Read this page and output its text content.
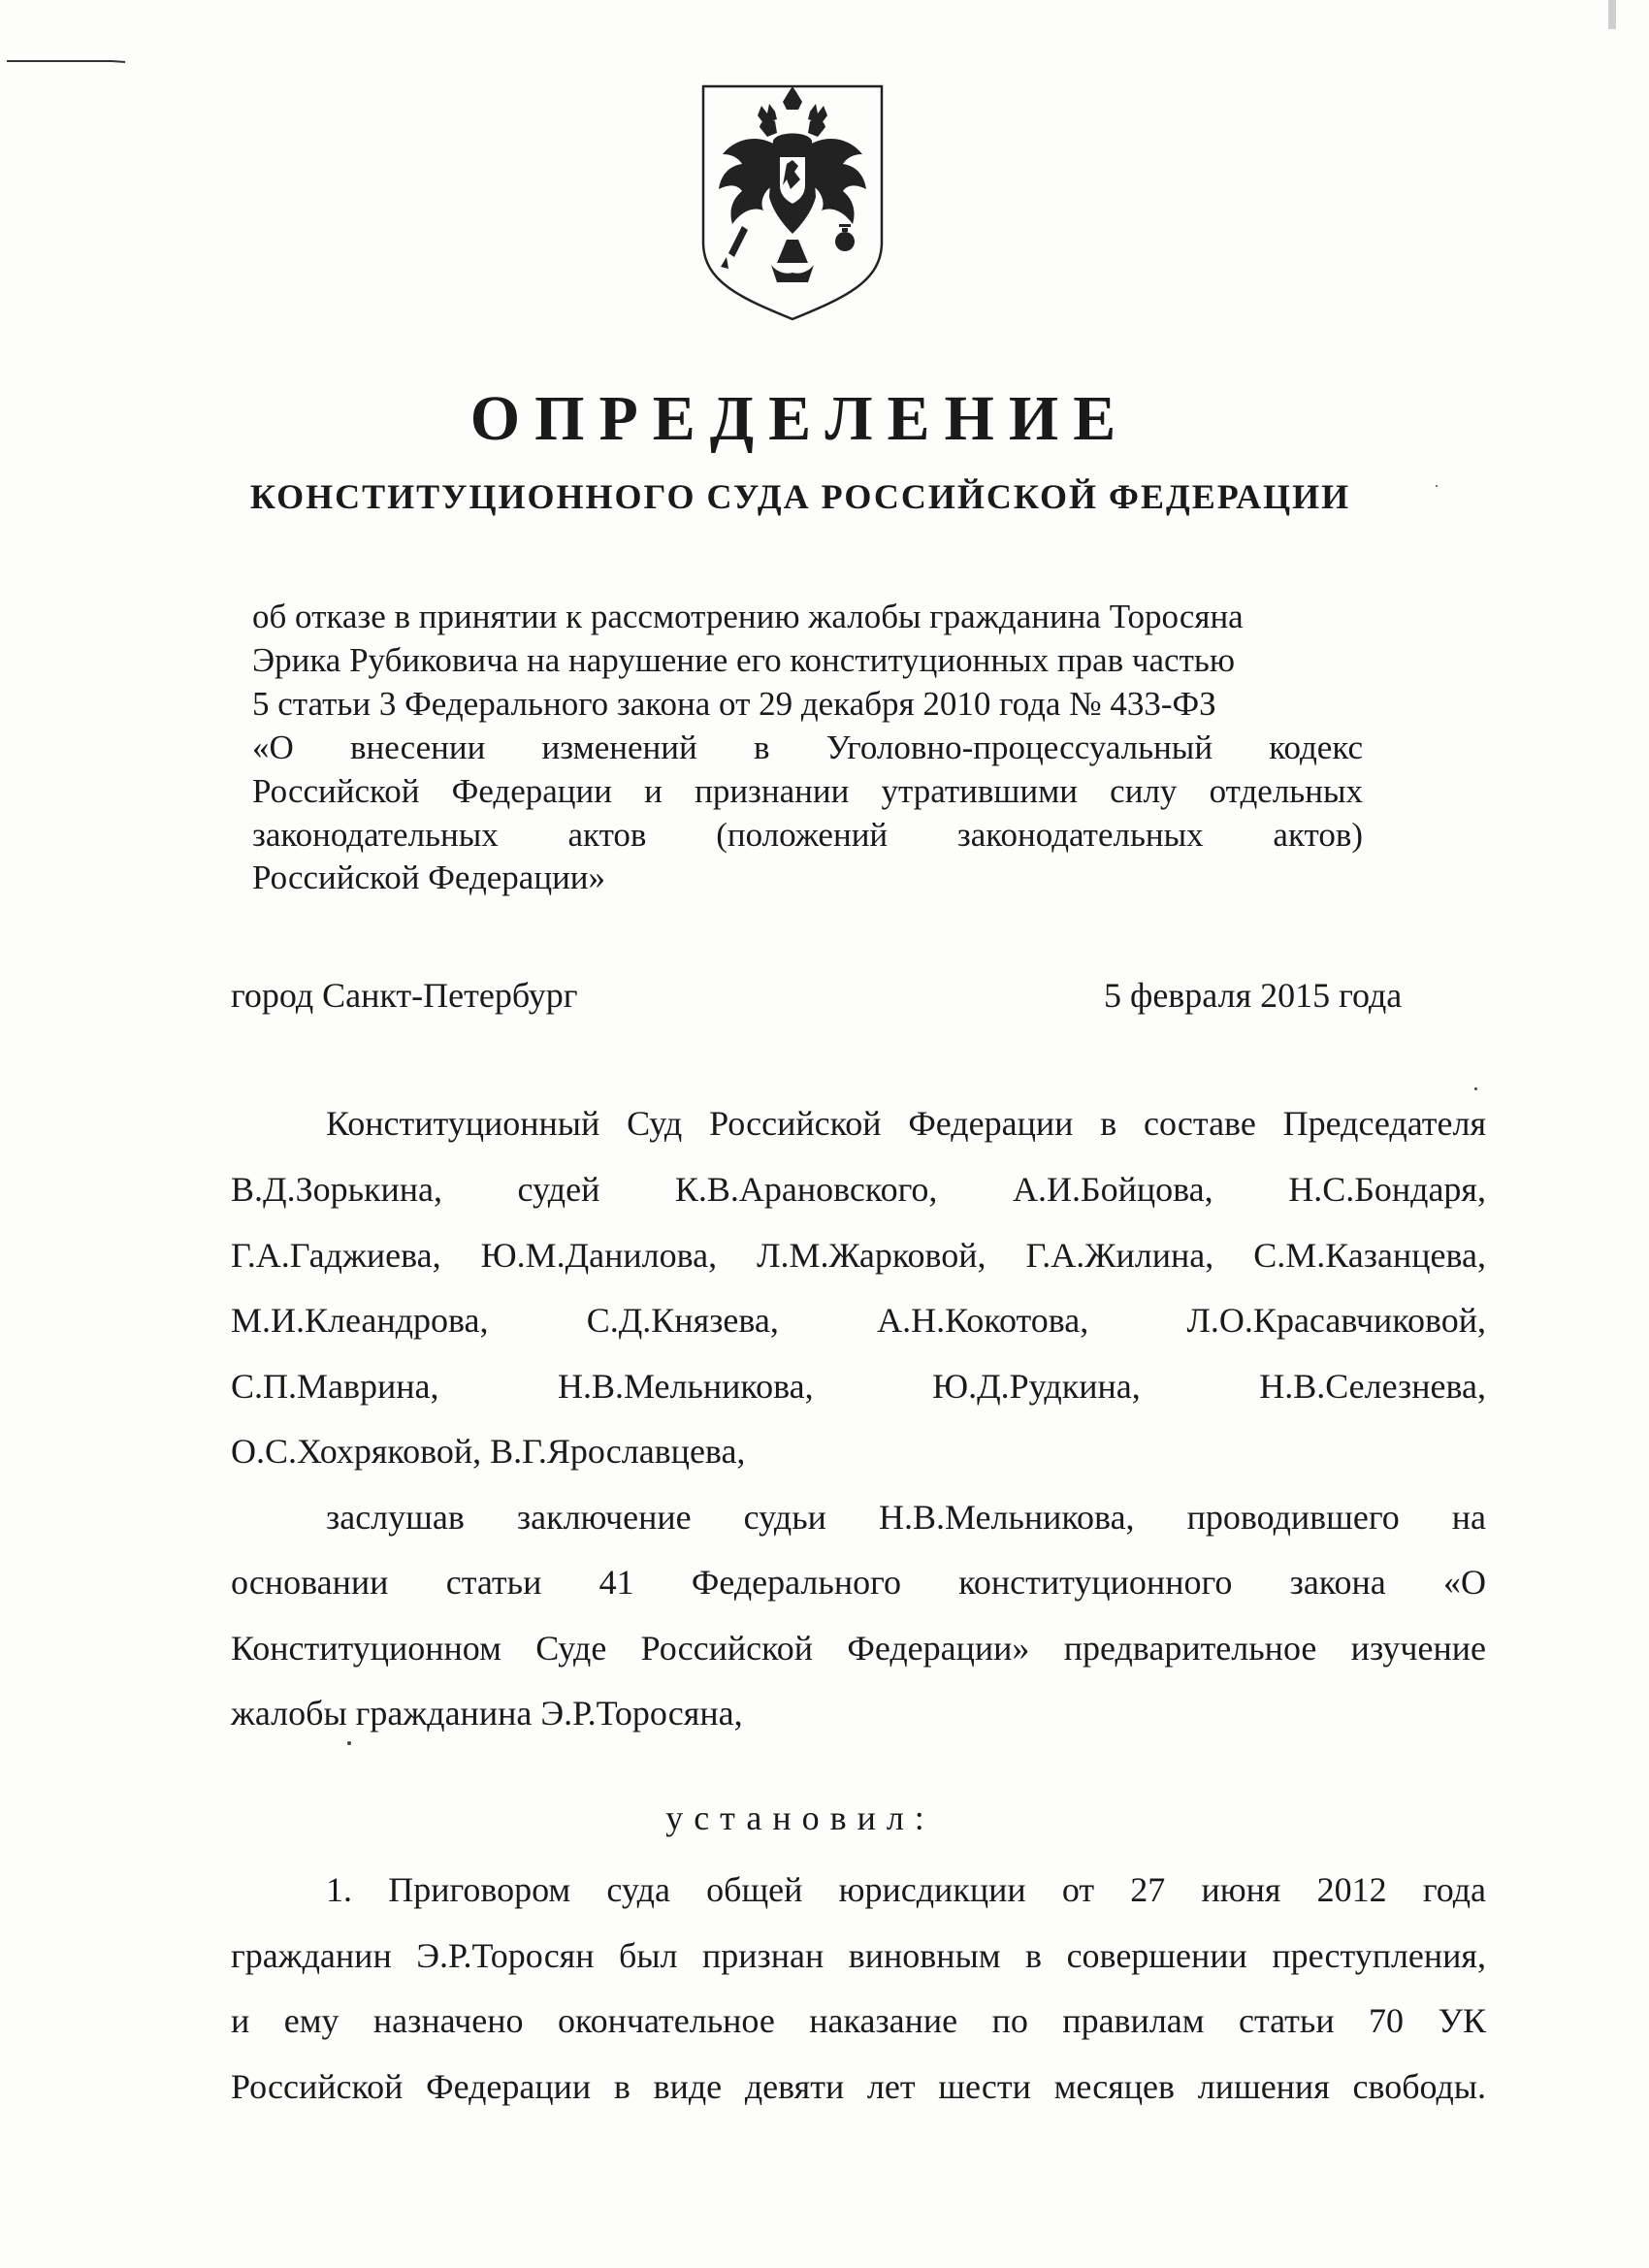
ОПРЕДЕЛЕНИЕ
КОНСТИТУЦИОННОГО СУДА РОССИЙСКОЙ ФЕДЕРАЦИИ
об отказе в принятии к рассмотрению жалобы гражданина Торосяна
Эрика Рубиковича на нарушение его конституционных прав частью
5 статьи 3 Федерального закона от 29 декабря 2010 года № 433-ФЗ
«О внесении изменений в Уголовно-процессуальный кодекс
Российской Федерации и признании утратившими силу отдельных
законодательных актов (положений законодательных актов)
Российской Федерации»
город Санкт-Петербург	5 февраля 2015 года
Конституционный Суд Российской Федерации в составе Председателя
В.Д.Зорькина, судей К.В.Арановского, А.И.Бойцова, Н.С.Бондаря,
Г.А.Гаджиева, Ю.М.Данилова, Л.М.Жарковой, Г.А.Жилина, С.М.Казанцева,
М.И.Клеандрова, С.Д.Князева, А.Н.Кокотова, Л.О.Красавчиковой,
С.П.Маврина, Н.В.Мельникова, Ю.Д.Рудкина, Н.В.Селезнева,
О.С.Хохряковой, В.Г.Ярославцева,
заслушав заключение судьи Н.В.Мельникова, проводившего на
основании статьи 41 Федерального конституционного закона «О
Конституционном Суде Российской Федерации» предварительное изучение
жалобы гражданина Э.Р.Торосяна,
установил:
1. Приговором суда общей юрисдикции от 27 июня 2012 года
гражданин Э.Р.Торосян был признан виновным в совершении преступления,
и ему назначено окончательное наказание по правилам статьи 70 УК
Российской Федерации в виде девяти лет шести месяцев лишения свободы.
